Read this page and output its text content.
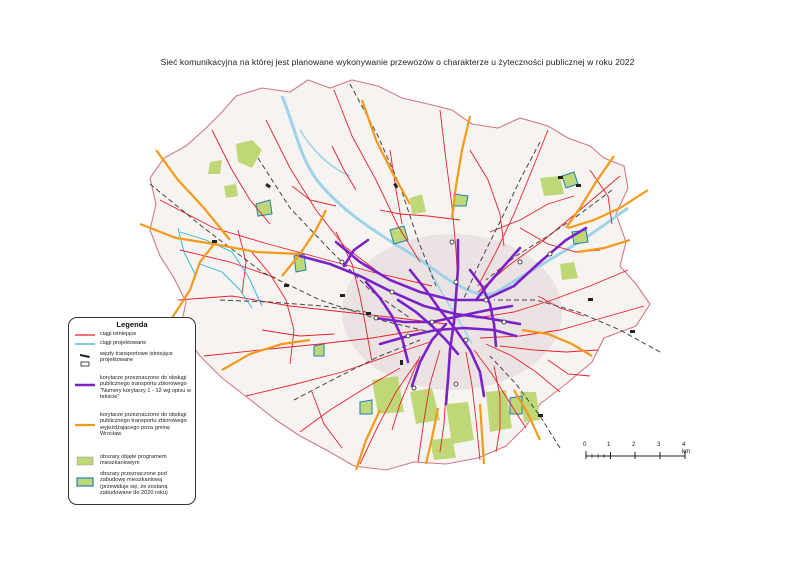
Sieć komunikacyjna na której jest planowane wykonywanie przewozów o charakterze u żyteczności publicznej w roku 2022
Legenda
ciągi istniejące
ciągi projektowane
węzły transportowe istniejące projektowane
korytarze przeznaczone do obsługi publicznego transportu zbiorowego "Numery korytarzy 1 - 12 wg opisu w tekście"
korytarze przeznaczone do obsługi publicznego transportu zbiorowego wyjeżdżającego poza gminę Wrocław
obszary objęte programem mieszkaniowym
obszary przeznaczone pod zabudowę mieszkaniową (przewiduje się, że zostaną zabudowane do 2020 roku)
0	1	2	3	4 km
